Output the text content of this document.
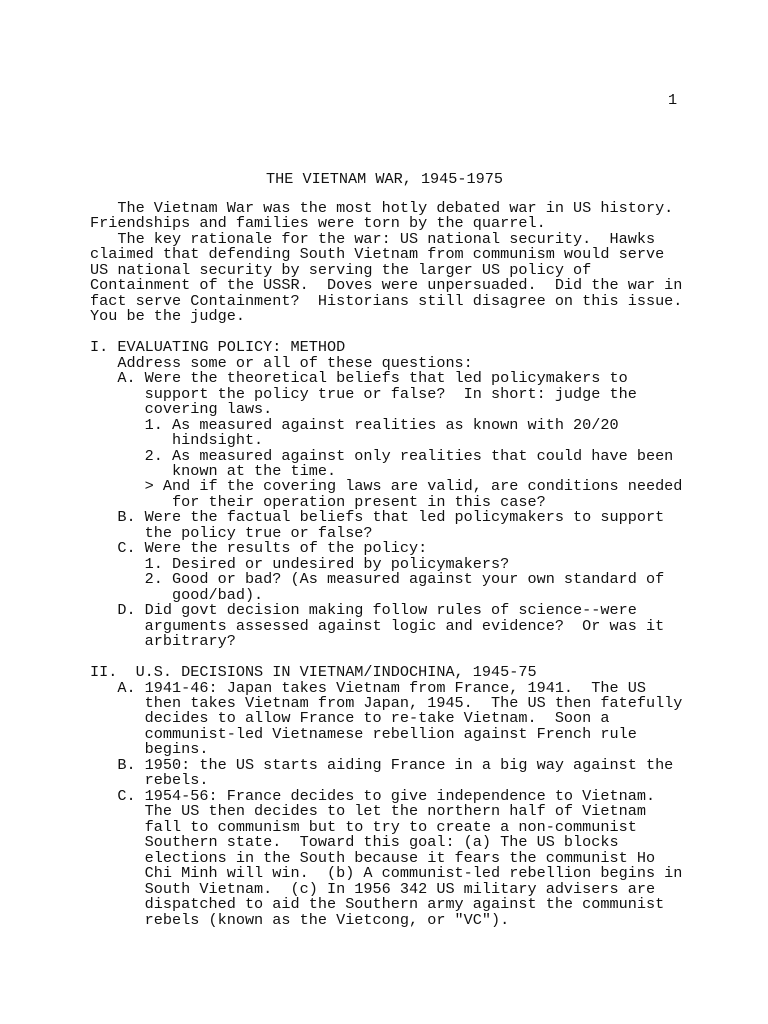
1
THE VIETNAM WAR, 1945-1975
The Vietnam War was the most hotly debated war in US history.
Friendships and families were torn by the quarrel.
The key rationale for the war: US national security.  Hawks
claimed that defending South Vietnam from communism would serve
US national security by serving the larger US policy of
Containment of the USSR.  Doves were unpersuaded.  Did the war in
fact serve Containment?  Historians still disagree on this issue.
You be the judge.
I. EVALUATING POLICY: METHOD
Address some or all of these questions:
A. Were the theoretical beliefs that led policymakers to
support the policy true or false?  In short: judge the
covering laws.
1. As measured against realities as known with 20/20
hindsight.
2. As measured against only realities that could have been
known at the time.
> And if the covering laws are valid, are conditions needed
for their operation present in this case?
B. Were the factual beliefs that led policymakers to support
the policy true or false?
C. Were the results of the policy:
1. Desired or undesired by policymakers?
2. Good or bad? (As measured against your own standard of
good/bad).
D. Did govt decision making follow rules of science--were
arguments assessed against logic and evidence?  Or was it
arbitrary?
II.  U.S. DECISIONS IN VIETNAM/INDOCHINA, 1945-75
A. 1941-46: Japan takes Vietnam from France, 1941.  The US
then takes Vietnam from Japan, 1945.  The US then fatefully
decides to allow France to re-take Vietnam.  Soon a
communist-led Vietnamese rebellion against French rule
begins.
B. 1950: the US starts aiding France in a big way against the
rebels.
C. 1954-56: France decides to give independence to Vietnam.
The US then decides to let the northern half of Vietnam
fall to communism but to try to create a non-communist
Southern state.  Toward this goal: (a) The US blocks
elections in the South because it fears the communist Ho
Chi Minh will win.  (b) A communist-led rebellion begins in
South Vietnam.  (c) In 1956 342 US military advisers are
dispatched to aid the Southern army against the communist
rebels (known as the Vietcong, or "VC").
